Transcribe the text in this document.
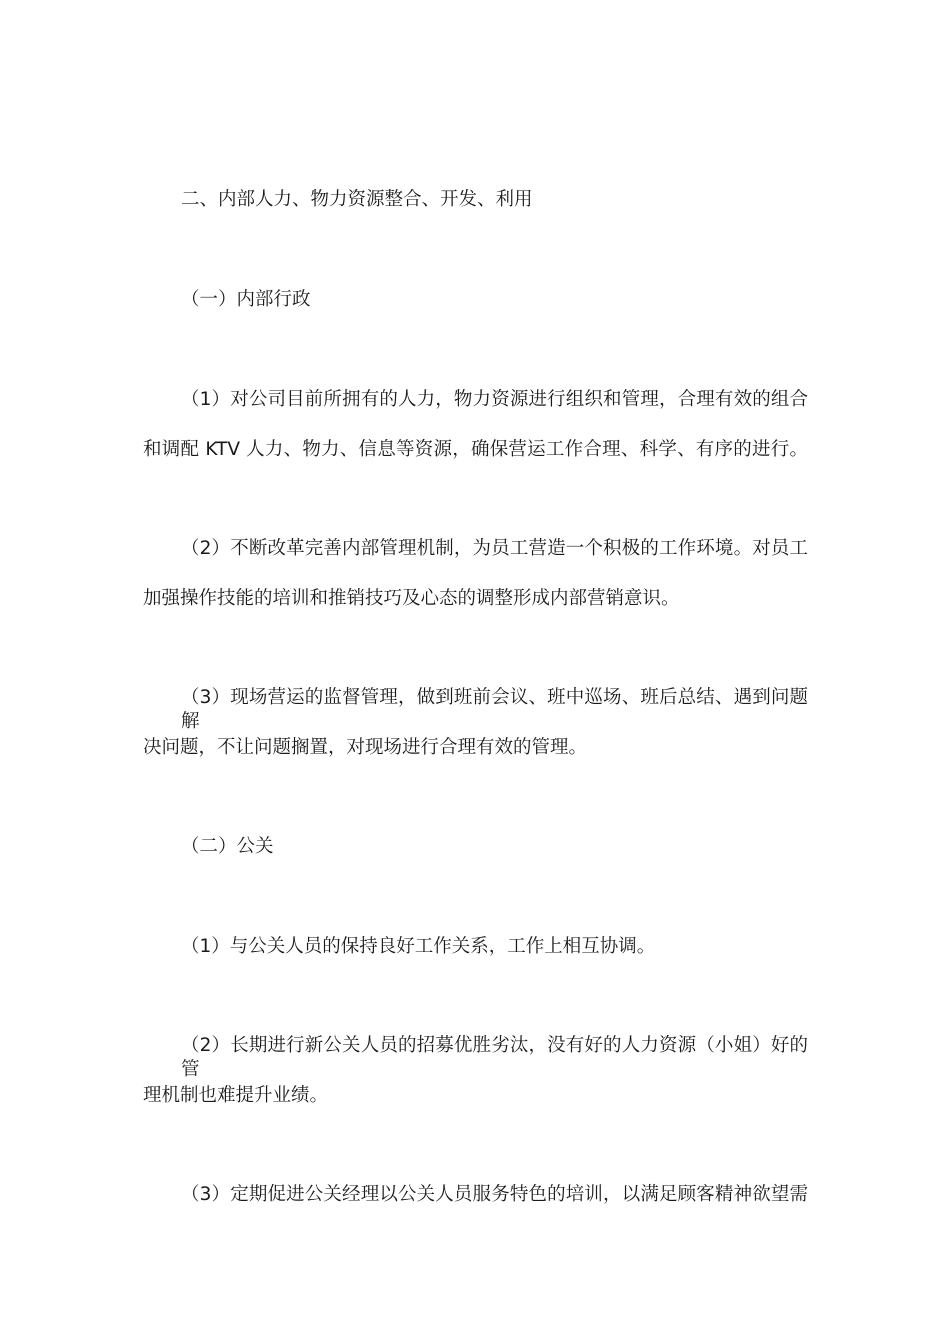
二、内部人力、物力资源整合、开发、利用
（一）内部行政
（1）对公司目前所拥有的人力，物力资源进行组织和管理，合理有效的组合
和调配 KTV 人力、物力、信息等资源，确保营运工作合理、科学、有序的进行。
（2）不断改革完善内部管理机制，为员工营造一个积极的工作环境。对员工
加强操作技能的培训和推销技巧及心态的调整形成内部营销意识。
（3）现场营运的监督管理，做到班前会议、班中巡场、班后总结、遇到问题解
决问题，不让问题搁置，对现场进行合理有效的管理。
（二）公关
（1）与公关人员的保持良好工作关系，工作上相互协调。
（2）长期进行新公关人员的招募优胜劣汰，没有好的人力资源（小姐）好的管
理机制也难提升业绩。
（3）定期促进公关经理以公关人员服务特色的培训，以满足顾客精神欲望需
